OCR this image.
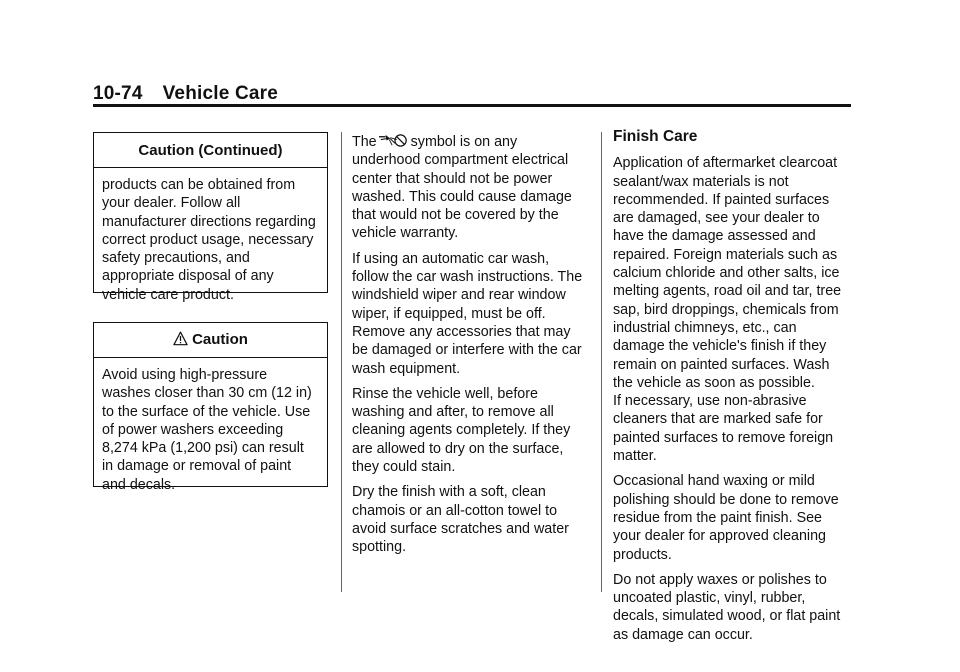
10-74 Vehicle Care
Caution (Continued)
products can be obtained from
your dealer. Follow all
manufacturer directions regarding
correct product usage, necessary
safety precautions, and
appropriate disposal of any
vehicle care product.
Caution
Avoid using high-pressure
washes closer than 30 cm (12 in)
to the surface of the vehicle. Use
of power washers exceeding
8,274 kPa (1,200 psi) can result
in damage or removal of paint
and decals.

The symbol is on any
underhood compartment electrical
center that should not be power
washed. This could cause damage
that would not be covered by the
vehicle warranty.

If using an automatic car wash,
follow the car wash instructions. The
windshield wiper and rear window
wiper, if equipped, must be off.
Remove any accessories that may
be damaged or interfere with the car
wash equipment.

Rinse the vehicle well, before
washing and after, to remove all
cleaning agents completely. If they
are allowed to dry on the surface,
they could stain.

Dry the finish with a soft, clean
chamois or an all-cotton towel to
avoid surface scratches and water
spotting.

Finish Care

Application of aftermarket clearcoat
sealant/wax materials is not
recommended. If painted surfaces
are damaged, see your dealer to
have the damage assessed and
repaired. Foreign materials such as
calcium chloride and other salts, ice
melting agents, road oil and tar, tree
sap, bird droppings, chemicals from
industrial chimneys, etc., can
damage the vehicle's finish if they
remain on painted surfaces. Wash
the vehicle as soon as possible.
If necessary, use non-abrasive
cleaners that are marked safe for
painted surfaces to remove foreign
matter.

Occasional hand waxing or mild
polishing should be done to remove
residue from the paint finish. See
your dealer for approved cleaning
products.

Do not apply waxes or polishes to
uncoated plastic, vinyl, rubber,
decals, simulated wood, or flat paint
as damage can occur.
